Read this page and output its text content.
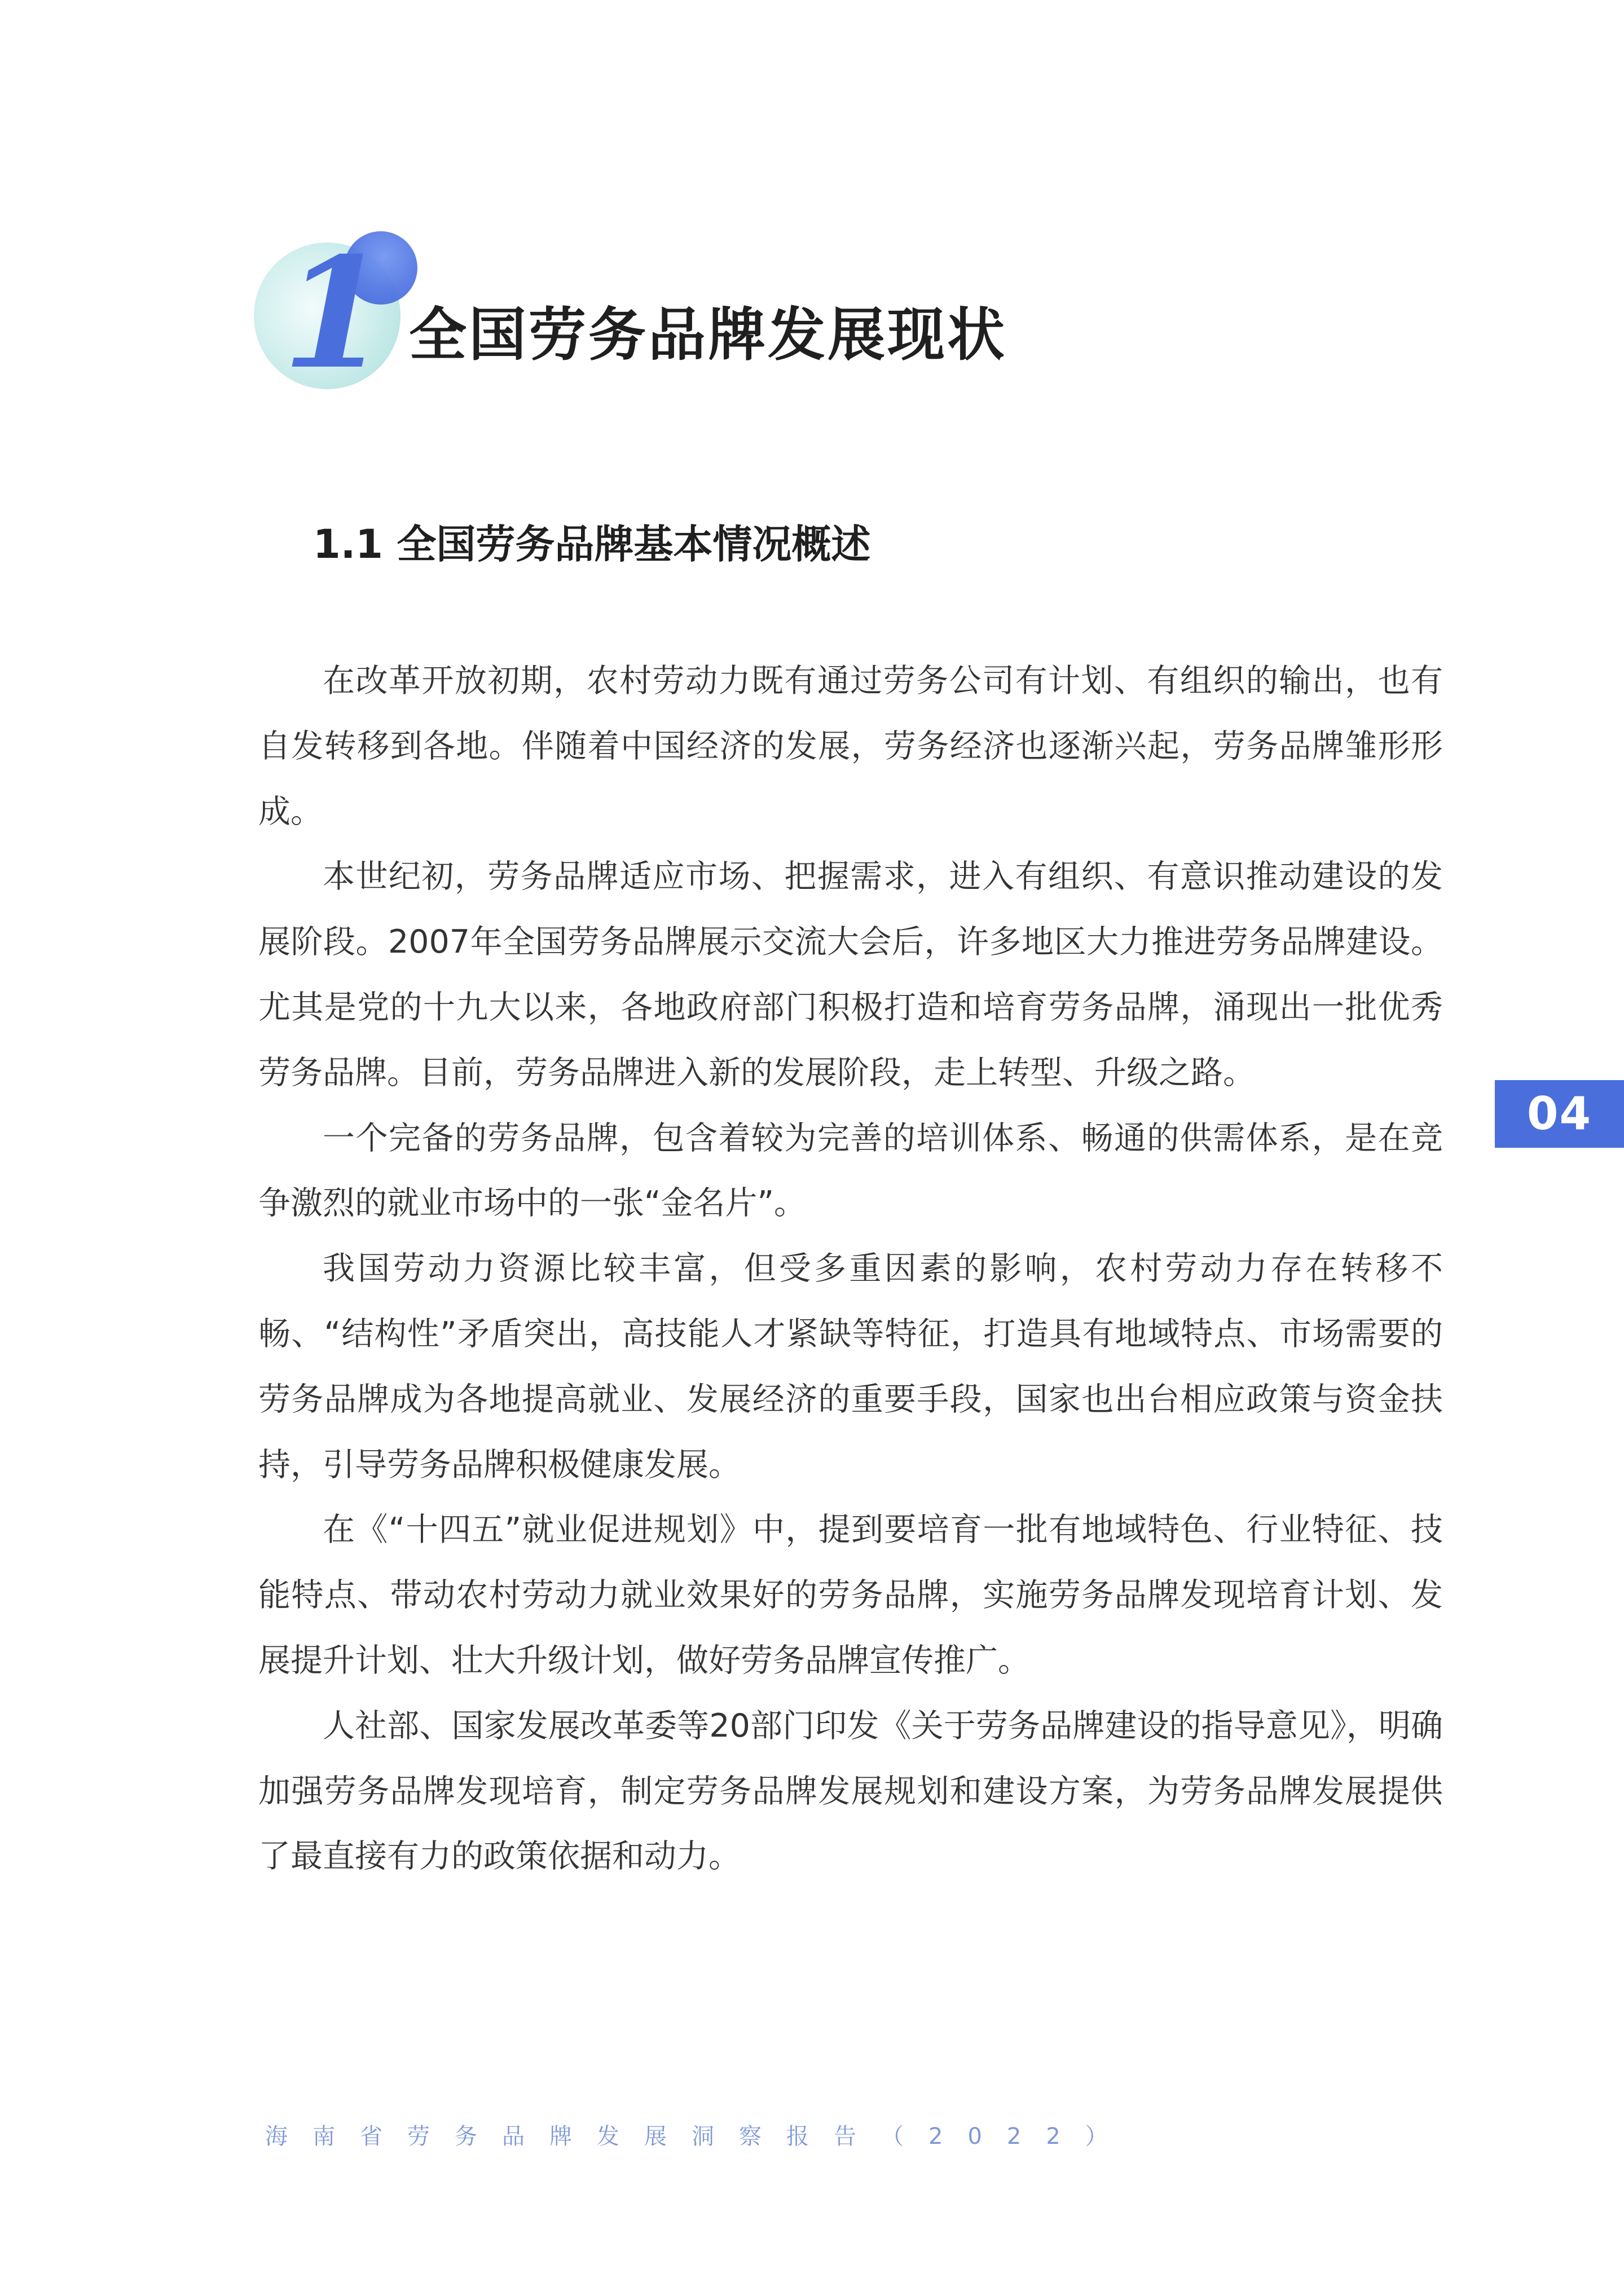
1 全国劳务品牌发展现状
1.1 全国劳务品牌基本情况概述

在改革开放初期，农村劳动力既有通过劳务公司有计划、有组织的输出，也有自发转移到各地。伴随着中国经济的发展，劳务经济也逐渐兴起，劳务品牌雏形形成。

本世纪初，劳务品牌适应市场、把握需求，进入有组织、有意识推动建设的发展阶段。2007年全国劳务品牌展示交流大会后，许多地区大力推进劳务品牌建设。尤其是党的十九大以来，各地政府部门积极打造和培育劳务品牌，涌现出一批优秀劳务品牌。目前，劳务品牌进入新的发展阶段，走上转型、升级之路。

一个完备的劳务品牌，包含着较为完善的培训体系、畅通的供需体系，是在竞争激烈的就业市场中的一张“金名片”。

我国劳动力资源比较丰富，但受多重因素的影响，农村劳动力存在转移不畅、“结构性”矛盾突出，高技能人才紧缺等特征，打造具有地域特点、市场需要的劳务品牌成为各地提高就业、发展经济的重要手段，国家也出台相应政策与资金扶持，引导劳务品牌积极健康发展。

在《“十四五”就业促进规划》中，提到要培育一批有地域特色、行业特征、技能特点、带动农村劳动力就业效果好的劳务品牌，实施劳务品牌发现培育计划、发展提升计划、壮大升级计划，做好劳务品牌宣传推广。

人社部、国家发展改革委等20部门印发《关于劳务品牌建设的指导意见》，明确加强劳务品牌发现培育，制定劳务品牌发展规划和建设方案，为劳务品牌发展提供了最直接有力的政策依据和动力。

04
海南省劳务品牌发展洞察报告（2022）
